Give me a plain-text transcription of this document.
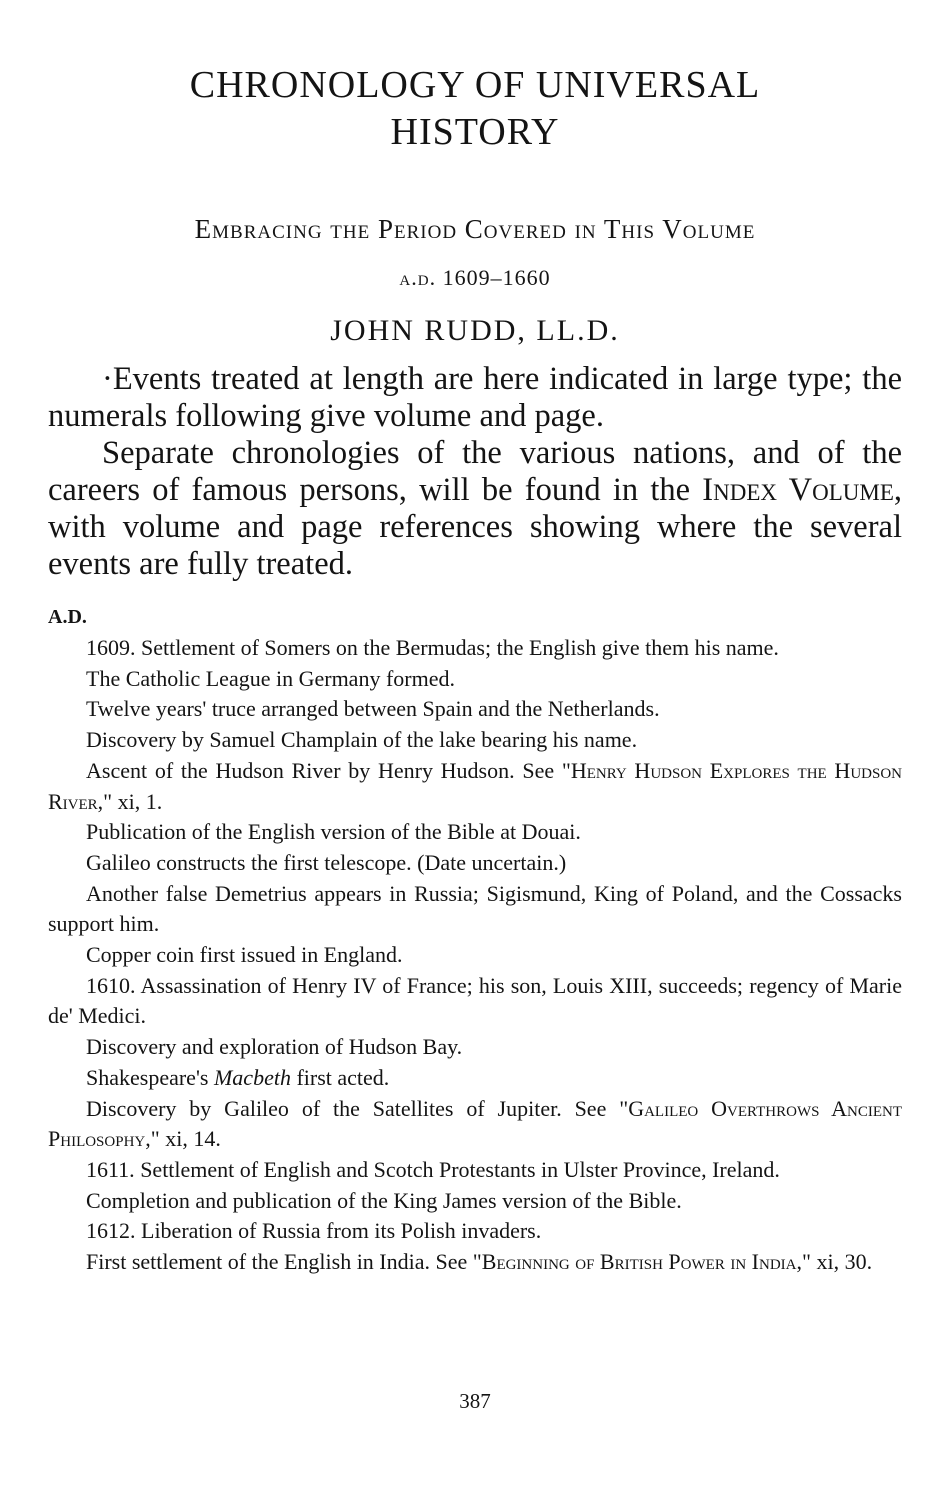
CHRONOLOGY OF UNIVERSAL
HISTORY
Embracing the Period Covered in This Volume
a.d. 1609–1660
JOHN RUDD, LL.D.

·Events treated at length are here indicated in large type; the numerals following give volume and page.

Separate chronologies of the various nations, and of the careers of famous persons, will be found in the Index Volume, with volume and page references showing where the several events are fully treated.

A.D.

1609. Settlement of Somers on the Bermudas; the English give them his name.

The Catholic League in Germany formed.

Twelve years' truce arranged between Spain and the Netherlands.

Discovery by Samuel Champlain of the lake bearing his name.

Ascent of the Hudson River by Henry Hudson. See "Henry Hudson Explores the Hudson River," xi, 1.

Publication of the English version of the Bible at Douai.

Galileo constructs the first telescope. (Date uncertain.)

Another false Demetrius appears in Russia; Sigismund, King of Poland, and the Cossacks support him.

Copper coin first issued in England.

1610. Assassination of Henry IV of France; his son, Louis XIII, succeeds; regency of Marie de' Medici.

Discovery and exploration of Hudson Bay.

Shakespeare's Macbeth first acted.

Discovery by Galileo of the Satellites of Jupiter. See "Galileo Overthrows Ancient Philosophy," xi, 14.

1611. Settlement of English and Scotch Protestants in Ulster Province, Ireland.

Completion and publication of the King James version of the Bible.

1612. Liberation of Russia from its Polish invaders.

First settlement of the English in India. See "Beginning of British Power in India," xi, 30.

387
